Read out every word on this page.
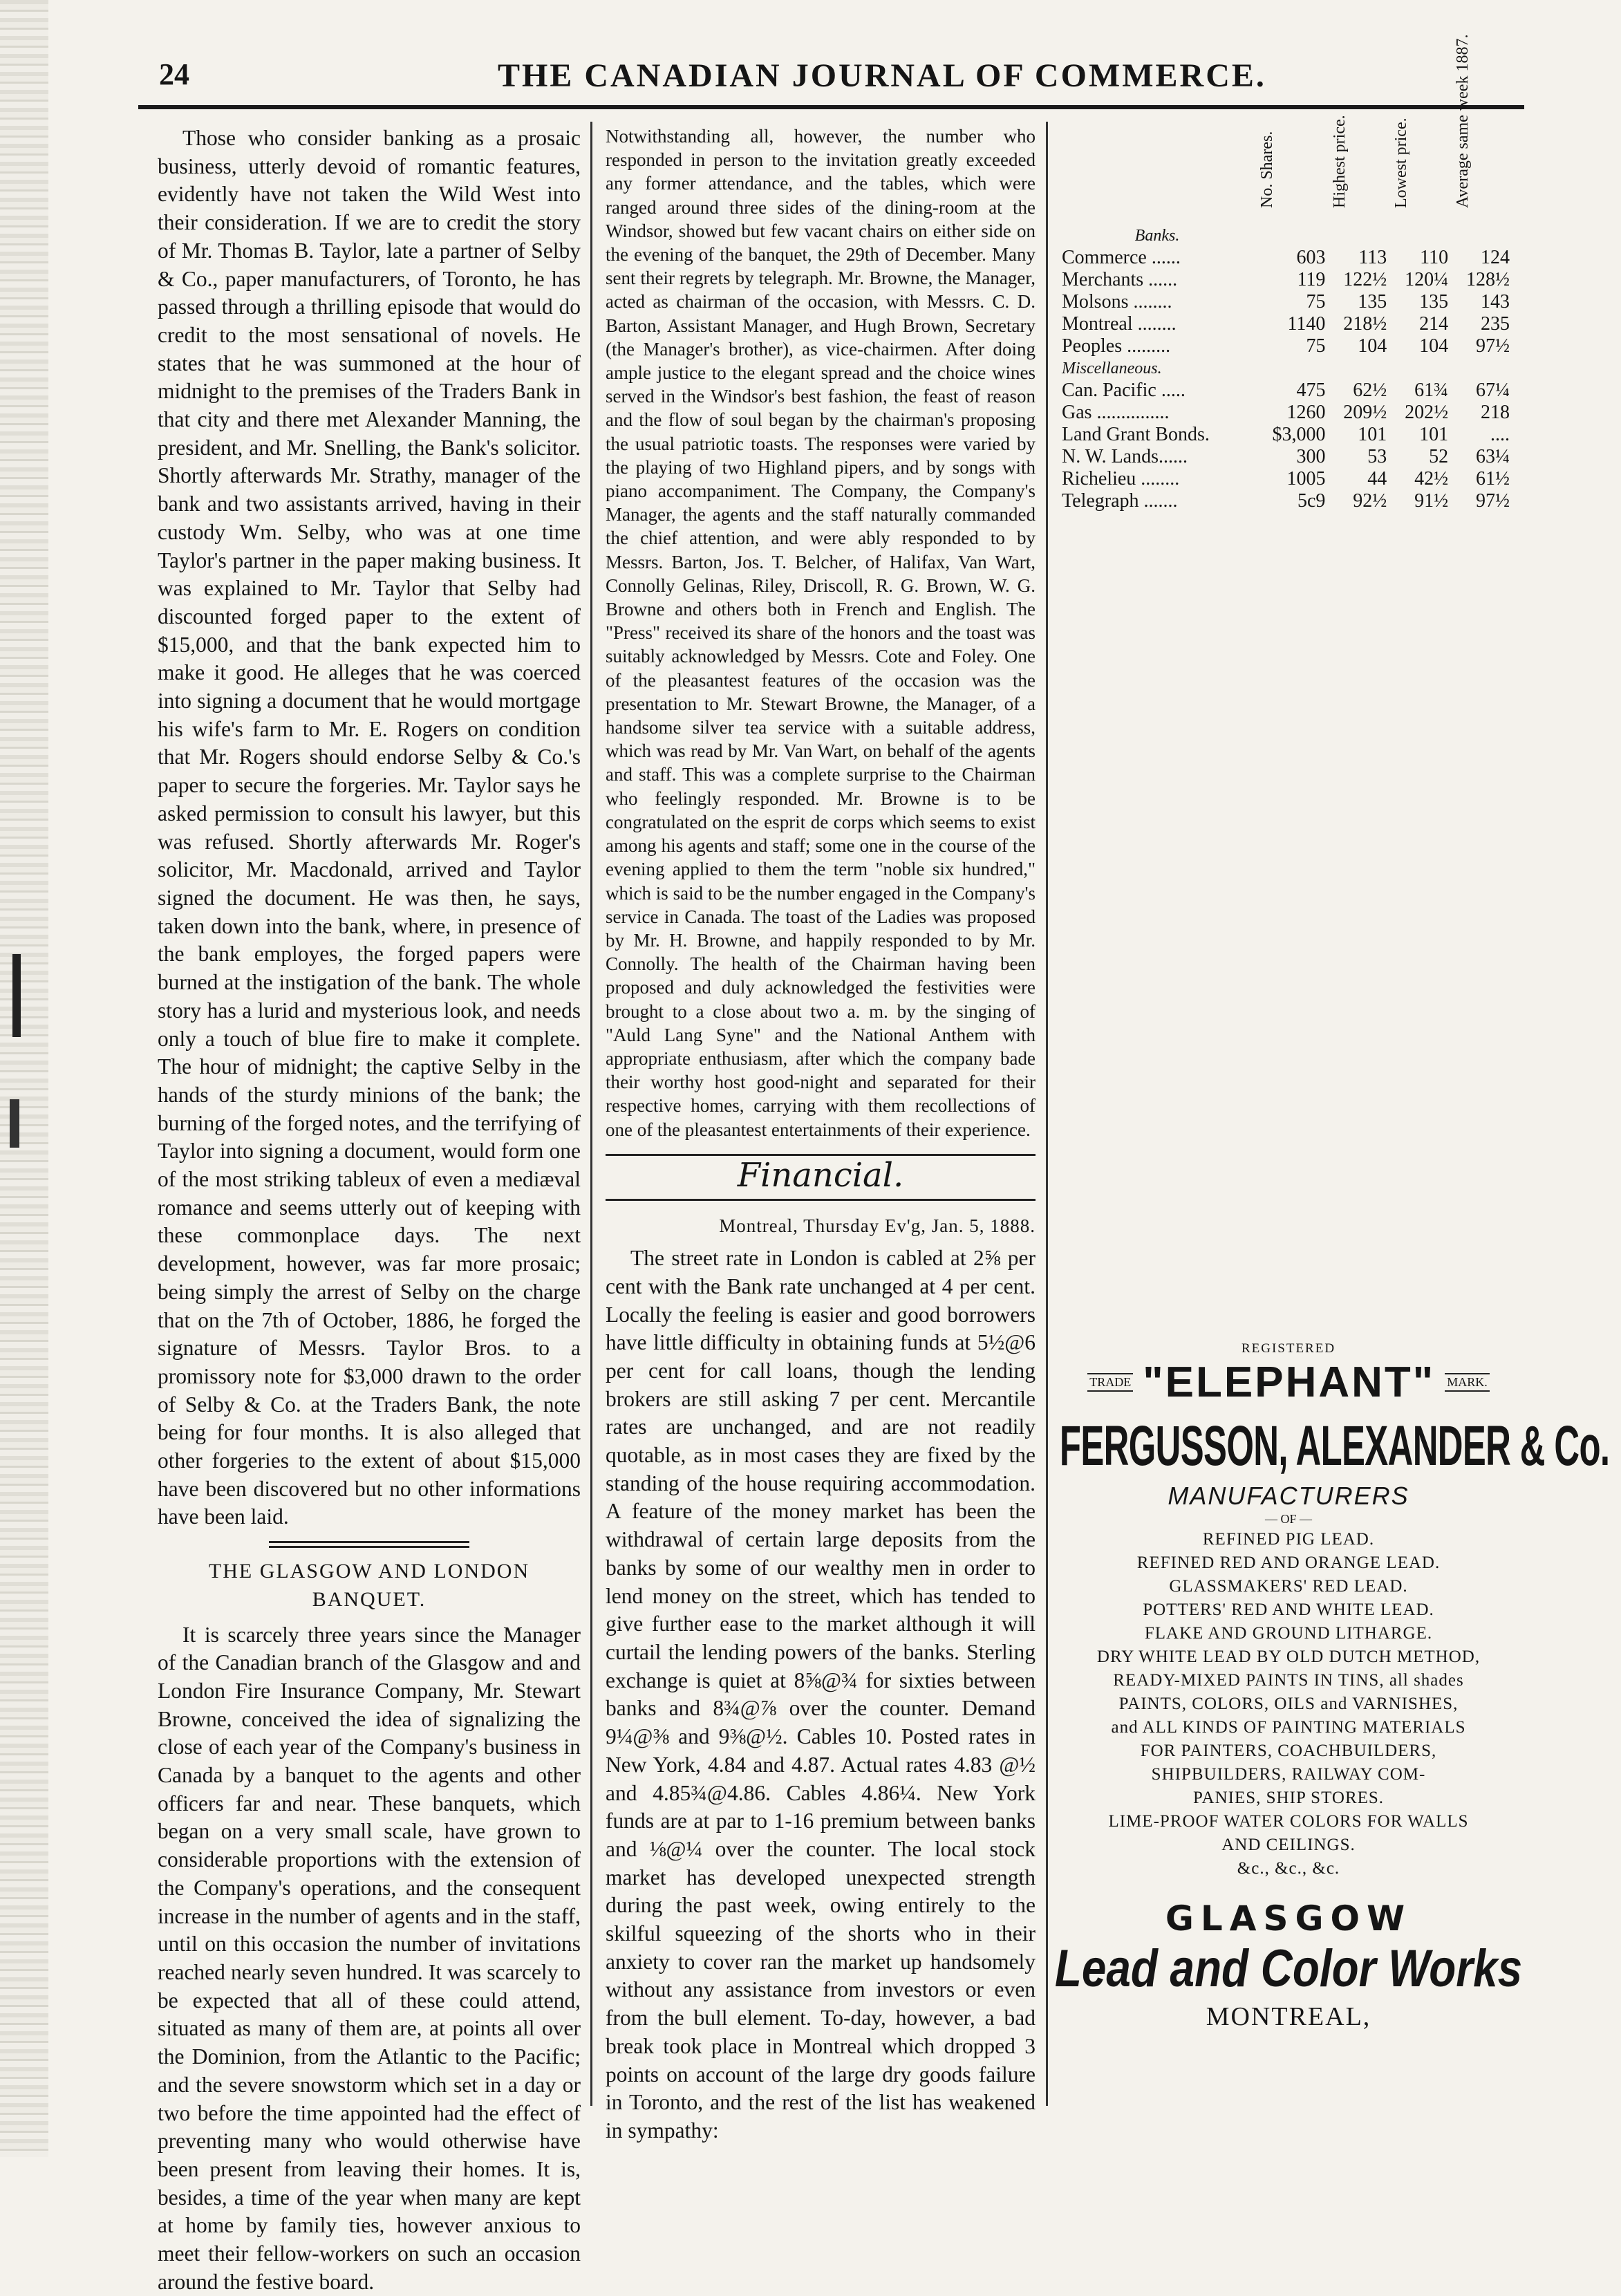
24	THE CANADIAN JOURNAL OF COMMERCE.

Those who consider banking as a prosaic business, utterly devoid of romantic features, evidently have not taken the Wild West into their consideration. If we are to credit the story of Mr. Thomas B. Taylor, late a partner of Selby & Co., paper manufacturers, of Toronto, he has passed through a thrilling episode that would do credit to the most sensational of novels. He states that he was summoned at the hour of midnight to the premises of the Traders Bank in that city and there met Alexander Manning, the president, and Mr. Snelling, the Bank's solicitor. Shortly afterwards Mr. Strathy, manager of the bank and two assistants arrived, having in their custody Wm. Selby, who was at one time Taylor's partner in the paper making business. It was explained to Mr. Taylor that Selby had discounted forged paper to the extent of $15,000, and that the bank expected him to make it good. He alleges that he was coerced into signing a document that he would mortgage his wife's farm to Mr. E. Rogers on condition that Mr. Rogers should endorse Selby & Co.'s paper to secure the forgeries. Mr. Taylor says he asked permission to consult his lawyer, but this was refused. Shortly afterwards Mr. Roger's solicitor, Mr. Macdonald, arrived and Taylor signed the document. He was then, he says, taken down into the bank, where, in presence of the bank employes, the forged papers were burned at the instigation of the bank. The whole story has a lurid and mysterious look, and needs only a touch of blue fire to make it complete. The hour of midnight; the captive Selby in the hands of the sturdy minions of the bank; the burning of the forged notes, and the terrifying of Taylor into signing a document, would form one of the most striking tableux of even a mediæval romance and seems utterly out of keeping with these commonplace days. The next development, however, was far more prosaic; being simply the arrest of Selby on the charge that on the 7th of October, 1886, he forged the signature of Messrs. Taylor Bros. to a promissory note for $3,000 drawn to the order of Selby & Co. at the Traders Bank, the note being for four months. It is also alleged that other forgeries to the extent of about $15,000 have been discovered but no other informations have been laid.

THE GLASGOW AND LONDON BANQUET.

It is scarcely three years since the Manager of the Canadian branch of the Glasgow and and London Fire Insurance Company, Mr. Stewart Browne, conceived the idea of signalizing the close of each year of the Company's business in Canada by a banquet to the agents and other officers far and near. These banquets, which began on a very small scale, have grown to considerable proportions with the extension of the Company's operations, and the consequent increase in the number of agents and in the staff, until on this occasion the number of invitations reached nearly seven hundred. It was scarcely to be expected that all of these could attend, situated as many of them are, at points all over the Dominion, from the Atlantic to the Pacific; and the severe snowstorm which set in a day or two before the time appointed had the effect of preventing many who would otherwise have been present from leaving their homes. It is, besides, a time of the year when many are kept at home by family ties, however anxious to meet their fellow-workers on such an occasion around the festive board.

Notwithstanding all, however, the number who responded in person to the invitation greatly exceeded any former attendance, and the tables, which were ranged around three sides of the dining-room at the Windsor, showed but few vacant chairs on either side on the evening of the banquet, the 29th of December. Many sent their regrets by telegraph. Mr. Browne, the Manager, acted as chairman of the occasion, with Messrs. C. D. Barton, Assistant Manager, and Hugh Brown, Secretary (the Manager's brother), as vice-chairmen. After doing ample justice to the elegant spread and the choice wines served in the Windsor's best fashion, the feast of reason and the flow of soul began by the chairman's proposing the usual patriotic toasts. The responses were varied by the playing of two Highland pipers, and by songs with piano accompaniment. The Company, the Company's Manager, the agents and the staff naturally commanded the chief attention, and were ably responded to by Messrs. Barton, Jos. T. Belcher, of Halifax, Van Wart, Connolly Gelinas, Riley, Driscoll, R. G. Brown, W. G. Browne and others both in French and English. The "Press" received its share of the honors and the toast was suitably acknowledged by Messrs. Cote and Foley. One of the pleasantest features of the occasion was the presentation to Mr. Stewart Browne, the Manager, of a handsome silver tea service with a suitable address, which was read by Mr. Van Wart, on behalf of the agents and staff. This was a complete surprise to the Chairman who feelingly responded. Mr. Browne is to be congratulated on the esprit de corps which seems to exist among his agents and staff; some one in the course of the evening applied to them the term "noble six hundred," which is said to be the number engaged in the Company's service in Canada. The toast of the Ladies was proposed by Mr. H. Browne, and happily responded to by Mr. Connolly. The health of the Chairman having been proposed and duly acknowledged the festivities were brought to a close about two a. m. by the singing of "Auld Lang Syne" and the National Anthem with appropriate enthusiasm, after which the company bade their worthy host good-night and separated for their respective homes, carrying with them recollections of one of the pleasantest entertainments of their experience.

Financial.
Montreal, Thursday Ev'g, Jan. 5, 1888.

The street rate in London is cabled at 2⅝ per cent with the Bank rate unchanged at 4 per cent. Locally the feeling is easier and good borrowers have little difficulty in obtaining funds at 5½@6 per cent for call loans, though the lending brokers are still asking 7 per cent. Mercantile rates are unchanged, and are not readily quotable, as in most cases they are fixed by the standing of the house requiring accommodation. A feature of the money market has been the withdrawal of certain large deposits from the banks by some of our wealthy men in order to lend money on the street, which has tended to give further ease to the market although it will curtail the lending powers of the banks. Sterling exchange is quiet at 8⅝@¾ for sixties between banks and 8¾@⅞ over the counter. Demand 9¼@⅜ and 9⅜@½. Cables 10. Posted rates in New York, 4.84 and 4.87. Actual rates 4.83 @½ and 4.85¾@4.86. Cables 4.86¼. New York funds are at par to 1-16 premium between banks and ⅛@¼ over the counter. The local stock market has developed unexpected strength during the past week, owing entirely to the skilful squeezing of the shorts who in their anxiety to cover ran the market up handsomely without any assistance from investors or even from the bull element. To-day, however, a bad break took place in Montreal which dropped 3 points on account of the large dry goods failure in Toronto, and the rest of the list has weakened in sympathy:

Banks.	No. Shares.	Highest price.	Lowest price.	Average same week 1887.
Commerce ......	603	113	110	124
Merchants ......	119	122½	120¼	128½
Molsons ........	75	135	135	143
Montreal ........	1140	218½	214	235
Peoples .........	75	104	104	97½
Miscellaneous.				
Can. Pacific .....	475	62½	61¾	67¼
Gas ...............	1260	209½	202½	218
Land Grant Bonds.	$3,000	101	101	....
N. W. Lands......	300	53	52	63¼
Richelieu ........	1005	44	42½	61½
Telegraph .......	5c9	92½	91½	97½
REGISTERED
TRADE "ELEPHANT" MARK.
FERGUSSON, ALEXANDER & Co.
MANUFACTURERS
— OF —
REFINED PIG LEAD.
REFINED RED AND ORANGE LEAD.
GLASSMAKERS' RED LEAD.
POTTERS' RED AND WHITE LEAD.
FLAKE AND GROUND LITHARGE.
DRY WHITE LEAD BY OLD DUTCH METHOD,
READY-MIXED PAINTS IN TINS, all shades
PAINTS, COLORS, OILS and VARNISHES,
and ALL KINDS OF PAINTING MATERIALS
FOR PAINTERS, COACHBUILDERS,
SHIPBUILDERS, RAILWAY COM-
PANIES, SHIP STORES.
LIME-PROOF WATER COLORS FOR WALLS
AND CEILINGS.
&c., &c., &c.
GLASGOW
Lead and Color Works
MONTREAL,
